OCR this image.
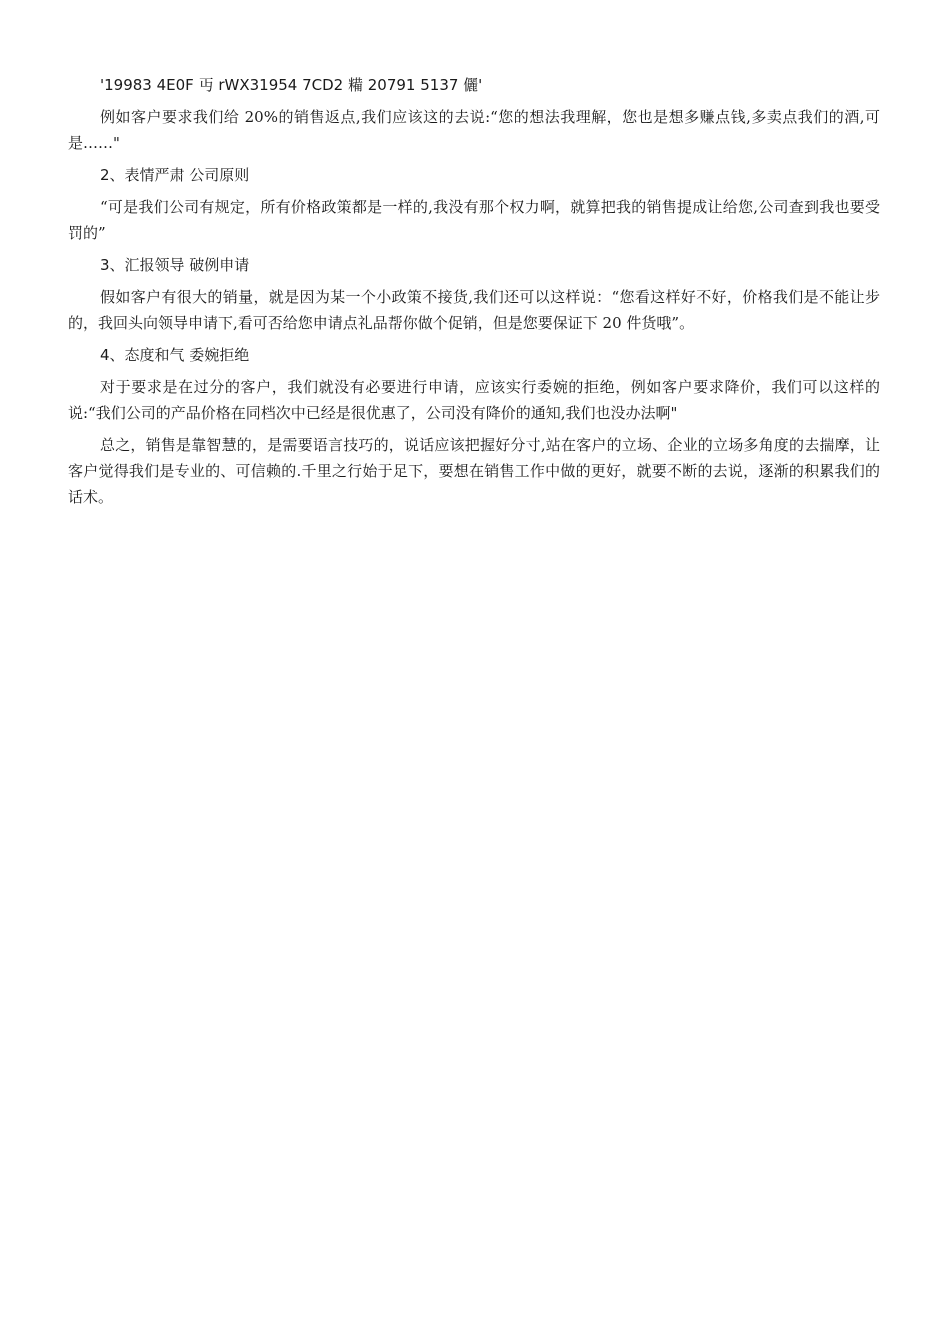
'19983 4E0F 丏 rWX31954 7CD2 糒 20791 5137 儷'

例如客户要求我们给 20%的销售返点,我们应该这的去说:“您的想法我理解，您也是想多赚点钱,多卖点我们的酒,可是……"

2、表情严肃 公司原则

“可是我们公司有规定，所有价格政策都是一样的,我没有那个权力啊，就算把我的销售提成让给您,公司查到我也要受罚的”

3、汇报领导 破例申请

假如客户有很大的销量，就是因为某一个小政策不接货,我们还可以这样说：“您看这样好不好，价格我们是不能让步的，我回头向领导申请下,看可否给您申请点礼品帮你做个促销，但是您要保证下 20 件货哦”。

4、态度和气 委婉拒绝

对于要求是在过分的客户，我们就没有必要进行申请，应该实行委婉的拒绝，例如客户要求降价，我们可以这样的说:“我们公司的产品价格在同档次中已经是很优惠了，公司没有降价的通知,我们也没办法啊"

总之，销售是靠智慧的，是需要语言技巧的，说话应该把握好分寸,站在客户的立场、企业的立场多角度的去揣摩，让客户觉得我们是专业的、可信赖的.千里之行始于足下，要想在销售工作中做的更好，就要不断的去说，逐渐的积累我们的话术。
